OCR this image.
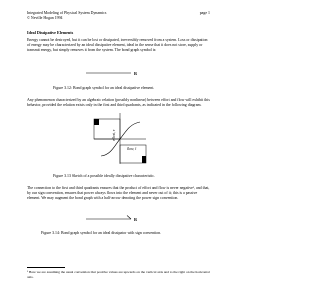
Integrated Modeling of Physical System Dynamics
© Neville Hogan 1994
page 1
Ideal Dissipative Elements

Energy cannot be destroyed, but it can be lost or dissipated, irreversibly removed from a system. Loss or dissipation of energy may be characterized by an ideal dissipative element, ideal in the sense that it does not store, supply or transmit energy, but simply removes it from the system. The bond graph symbol is:

R
Figure 3.12: Bond graph symbol for an ideal dissipative element.

Any phenomenon characterized by an algebraic relation (possibly nonlinear) between effort and flow will exhibit this behavior, provided the relation exists only in the first and third quadrants, as indicated in the following diagram.

effort, e
flow, f
Figure 3.13 Sketch of a possible ideally dissipative characteristic.

The connection to the first and third quadrants ensures that the product of effort and flow is never negative¹, and that, by our sign convention, ensures that power always flows into the element and never out of it; this is a passive element. We may augment the bond graph with a half-arrow denoting the power sign convention.

R
Figure 3.14: Bond graph symbol for an ideal dissipator with sign convention.

¹ Here we are assuming the usual convention that positive values are upwards on the vertical axis and to the right on the horizontal axis.
